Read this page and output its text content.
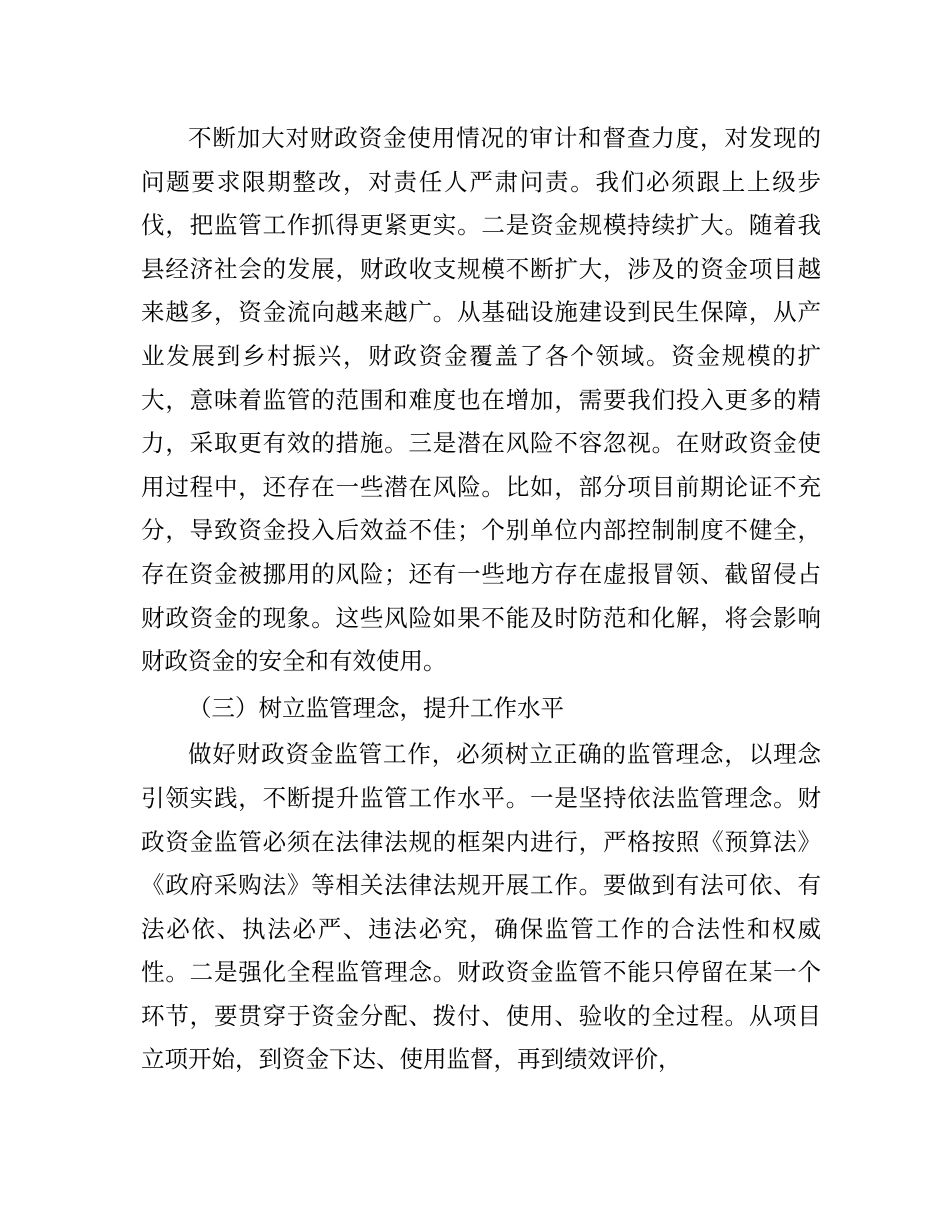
不断加大对财政资金使用情况的审计和督查力度，对发现的问题要求限期整改，对责任人严肃问责。我们必须跟上上级步伐，把监管工作抓得更紧更实。二是资金规模持续扩大。随着我县经济社会的发展，财政收支规模不断扩大，涉及的资金项目越来越多，资金流向越来越广。从基础设施建设到民生保障，从产业发展到乡村振兴，财政资金覆盖了各个领域。资金规模的扩大，意味着监管的范围和难度也在增加，需要我们投入更多的精力，采取更有效的措施。三是潜在风险不容忽视。在财政资金使用过程中，还存在一些潜在风险。比如，部分项目前期论证不充分，导致资金投入后效益不佳；个别单位内部控制制度不健全，存在资金被挪用的风险；还有一些地方存在虚报冒领、截留侵占财政资金的现象。这些风险如果不能及时防范和化解，将会影响财政资金的安全和有效使用。

（三）树立监管理念，提升工作水平

做好财政资金监管工作，必须树立正确的监管理念，以理念引领实践，不断提升监管工作水平。一是坚持依法监管理念。财政资金监管必须在法律法规的框架内进行，严格按照《预算法》《政府采购法》等相关法律法规开展工作。要做到有法可依、有法必依、执法必严、违法必究，确保监管工作的合法性和权威性。二是强化全程监管理念。财政资金监管不能只停留在某一个环节，要贯穿于资金分配、拨付、使用、验收的全过程。从项目立项开始，到资金下达、使用监督，再到绩效评价，
